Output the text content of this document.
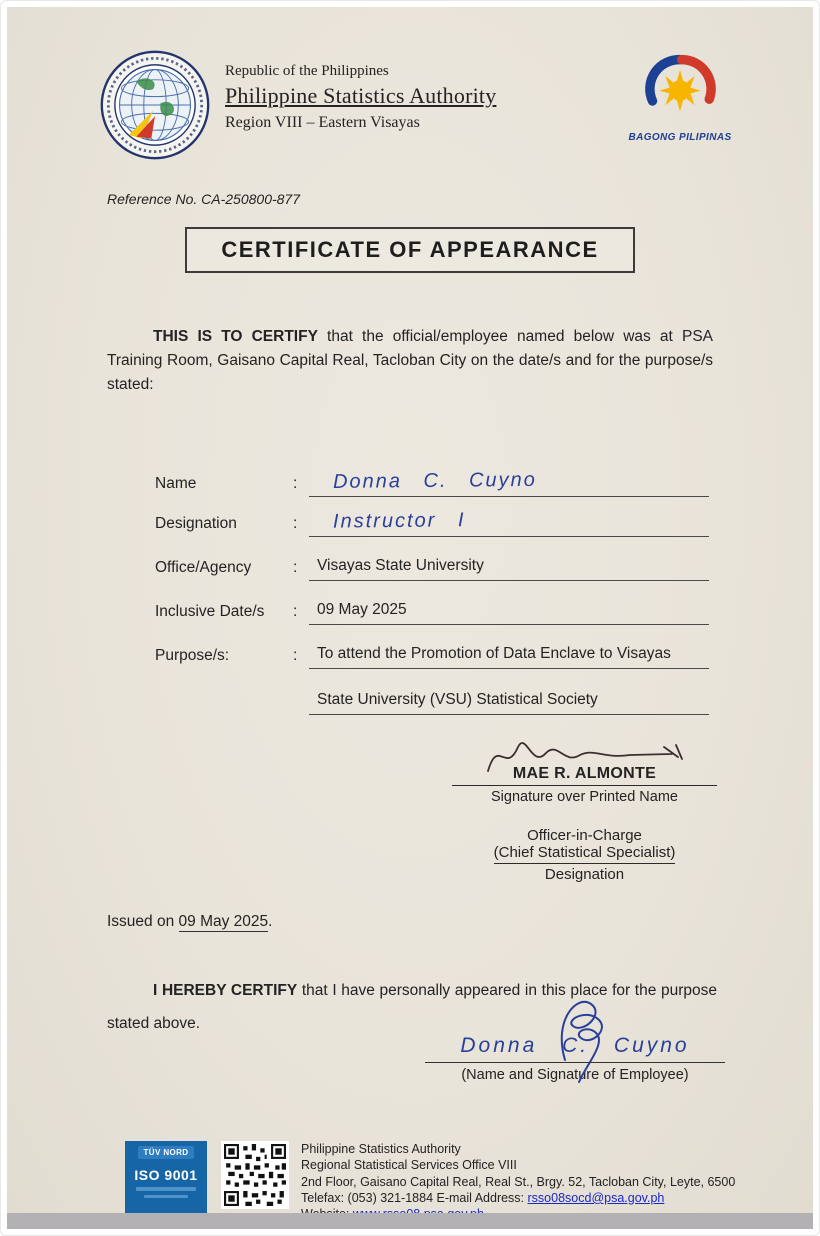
Republic of the Philippines
Philippine Statistics Authority
Region VIII – Eastern Visayas
BAGONG PILIPINAS
Reference No. CA-250800-877
CERTIFICATE OF APPEARANCE

THIS IS TO CERTIFY that the official/employee named below was at PSA Training Room, Gaisano Capital Real, Tacloban City on the date/s and for the purpose/s stated:

Name	:	Donna C. Cuyno
Designation	:	Instructor I
Office/Agency	:	Visayas State University
Inclusive Date/s	:	09 May 2025
Purpose/s:	:	To attend the Promotion of Data Enclave to Visayas
State University (VSU) Statistical Society
MAE R. ALMONTE
Signature over Printed Name
Officer-in-Charge
(Chief Statistical Specialist)
Designation
Issued on 09 May 2025.

I HEREBY CERTIFY that I have personally appeared in this place for the purpose stated above.

Donna C. Cuyno
(Name and Signature of Employee)
TÜV NORD
ISO 9001
Philippine Statistics Authority
Regional Statistical Services Office VIII
2nd Floor, Gaisano Capital Real, Real St., Brgy. 52, Tacloban City, Leyte, 6500
Telefax: (053) 321-1884 E-mail Address: rsso08socd@psa.gov.ph
